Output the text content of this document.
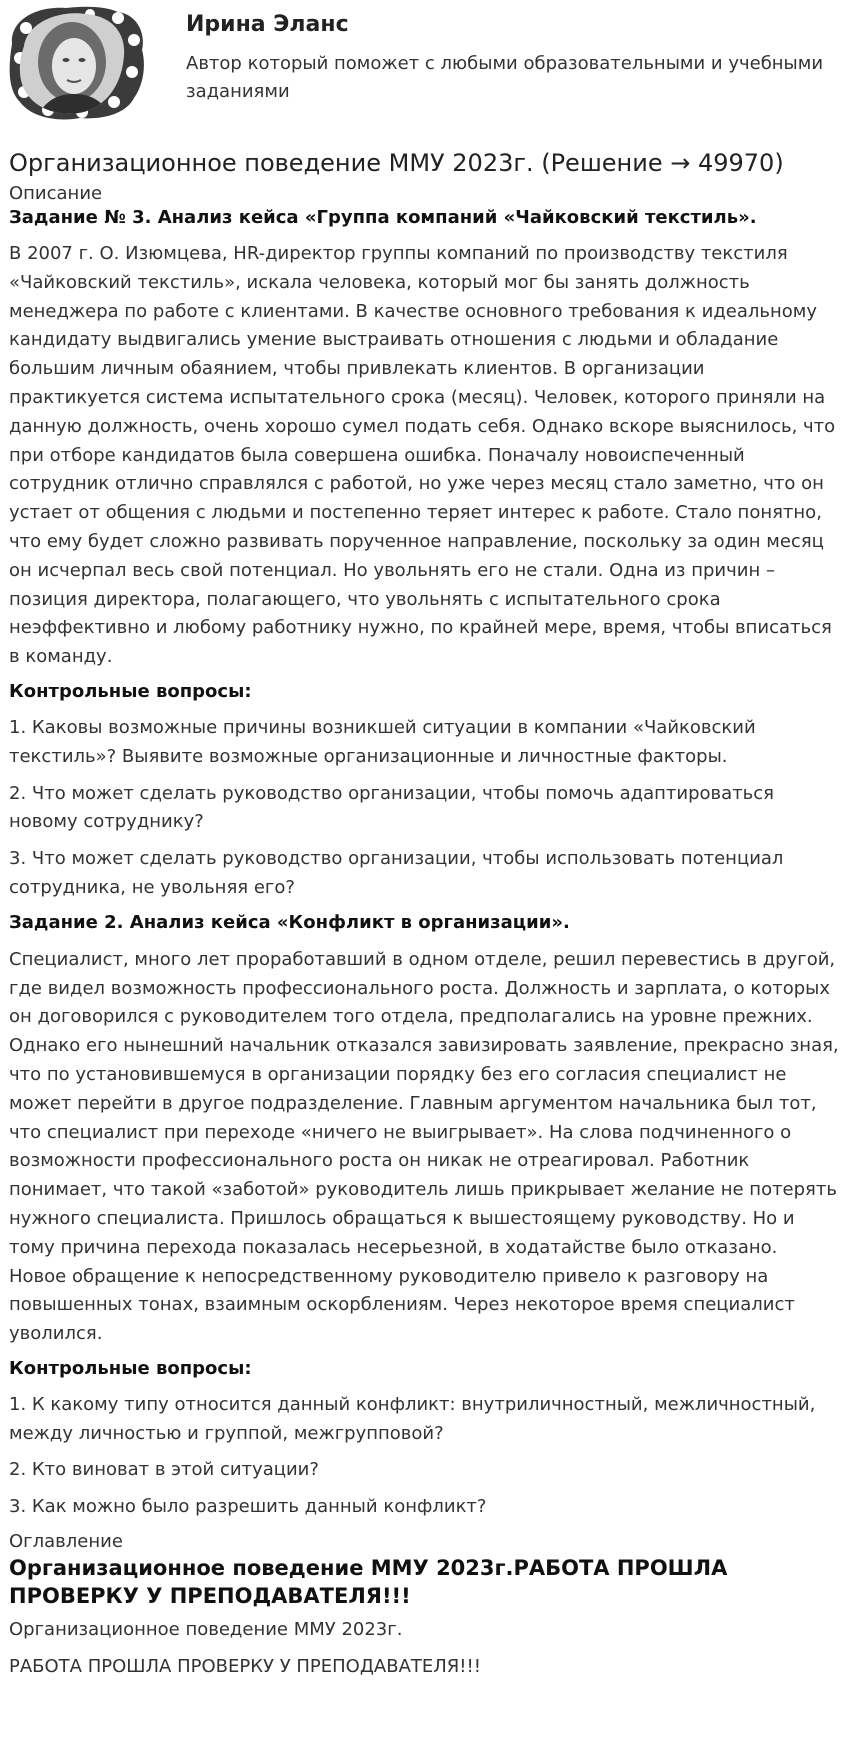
Ирина Эланс
Автор который поможет с любыми образовательными и учебными заданиями
Организационное поведение ММУ 2023г. (Решение → 49970)
Описание
Задание № 3. Анализ кейса «Группа компаний «Чайковский текстиль».

В 2007 г. О. Изюмцева, HR-директор группы компаний по производству текстиля «Чайковский текстиль», искала человека, который мог бы занять должность менеджера по работе с клиентами. В качестве основного требования к идеальному кандидату выдвигались умение выстраивать отношения с людьми и обладание большим личным обаянием, чтобы привлекать клиентов. В организации практикуется система испытательного срока (месяц). Человек, которого приняли на данную должность, очень хорошо сумел подать себя. Однако вскоре выяснилось, что при отборе кандидатов была совершена ошибка. Поначалу новоиспеченный сотрудник отлично справлялся с работой, но уже через месяц стало заметно, что он устает от общения с людьми и постепенно теряет интерес к работе. Стало понятно, что ему будет сложно развивать порученное направление, поскольку за один месяц он исчерпал весь свой потенциал. Но увольнять его не стали. Одна из причин – позиция директора, полагающего, что увольнять с испытательного срока неэффективно и любому работнику нужно, по крайней мере, время, чтобы вписаться в команду.

Контрольные вопросы:

1. Каковы возможные причины возникшей ситуации в компании «Чайковский текстиль»? Выявите возможные организационные и личностные факторы.

2. Что может сделать руководство организации, чтобы помочь адаптироваться новому сотруднику?

3. Что может сделать руководство организации, чтобы использовать потенциал сотрудника, не увольняя его?

Задание 2. Анализ кейса «Конфликт в организации».

Специалист, много лет проработавший в одном отделе, решил перевестись в другой, где видел возможность профессионального роста. Должность и зарплата, о которых он договорился с руководителем того отдела, предполагались на уровне прежних. Однако его нынешний начальник отказался завизировать заявление, прекрасно зная, что по установившемуся в организации порядку без его согласия специалист не может перейти в другое подразделение. Главным аргументом начальника был тот, что специалист при переходе «ничего не выигрывает». На слова подчиненного о возможности профессионального роста он никак не отреагировал. Работник понимает, что такой «заботой» руководитель лишь прикрывает желание не потерять нужного специалиста. Пришлось обращаться к вышестоящему руководству. Но и тому причина перехода показалась несерьезной, в ходатайстве было отказано. Новое обращение к непосредственному руководителю привело к разговору на повышенных тонах, взаимным оскорблениям. Через некоторое время специалист уволился.

Контрольные вопросы:

1. К какому типу относится данный конфликт: внутриличностный, межличностный, между личностью и группой, межгрупповой?

2. Кто виноват в этой ситуации?

3. Как можно было разрешить данный конфликт?

Оглавление
Организационное поведение ММУ 2023г.РАБОТА ПРОШЛА ПРОВЕРКУ У ПРЕПОДАВАТЕЛЯ!!!

Организационное поведение ММУ 2023г.

РАБОТА ПРОШЛА ПРОВЕРКУ У ПРЕПОДАВАТЕЛЯ!!!
